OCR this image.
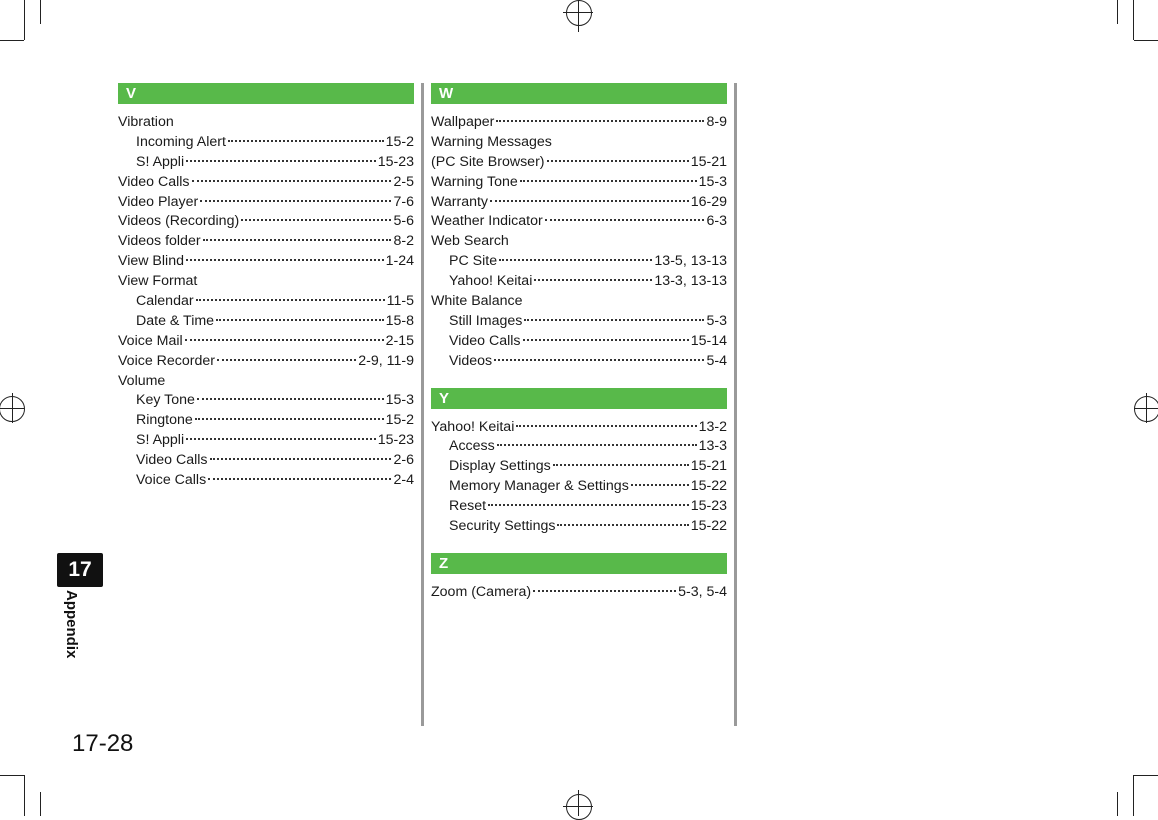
V
Vibration
Incoming Alert	15-2
S! Appli	15-23
Video Calls	2-5
Video Player	7-6
Videos (Recording)	5-6
Videos folder	8-2
View Blind	1-24
View Format
Calendar	11-5
Date & Time	15-8
Voice Mail	2-15
Voice Recorder	2-9, 11-9
Volume
Key Tone	15-3
Ringtone	15-2
S! Appli	15-23
Video Calls	2-6
Voice Calls	2-4
W
Wallpaper	8-9
Warning Messages
(PC Site Browser)	15-21
Warning Tone	15-3
Warranty	16-29
Weather Indicator	6-3
Web Search
PC Site	13-5, 13-13
Yahoo! Keitai	13-3, 13-13
White Balance
Still Images	5-3
Video Calls	15-14
Videos	5-4
Y
Yahoo! Keitai	13-2
Access	13-3
Display Settings	15-21
Memory Manager & Settings	15-22
Reset	15-23
Security Settings	15-22
Z
Zoom (Camera)	5-3, 5-4
17
Appendix
17-28
